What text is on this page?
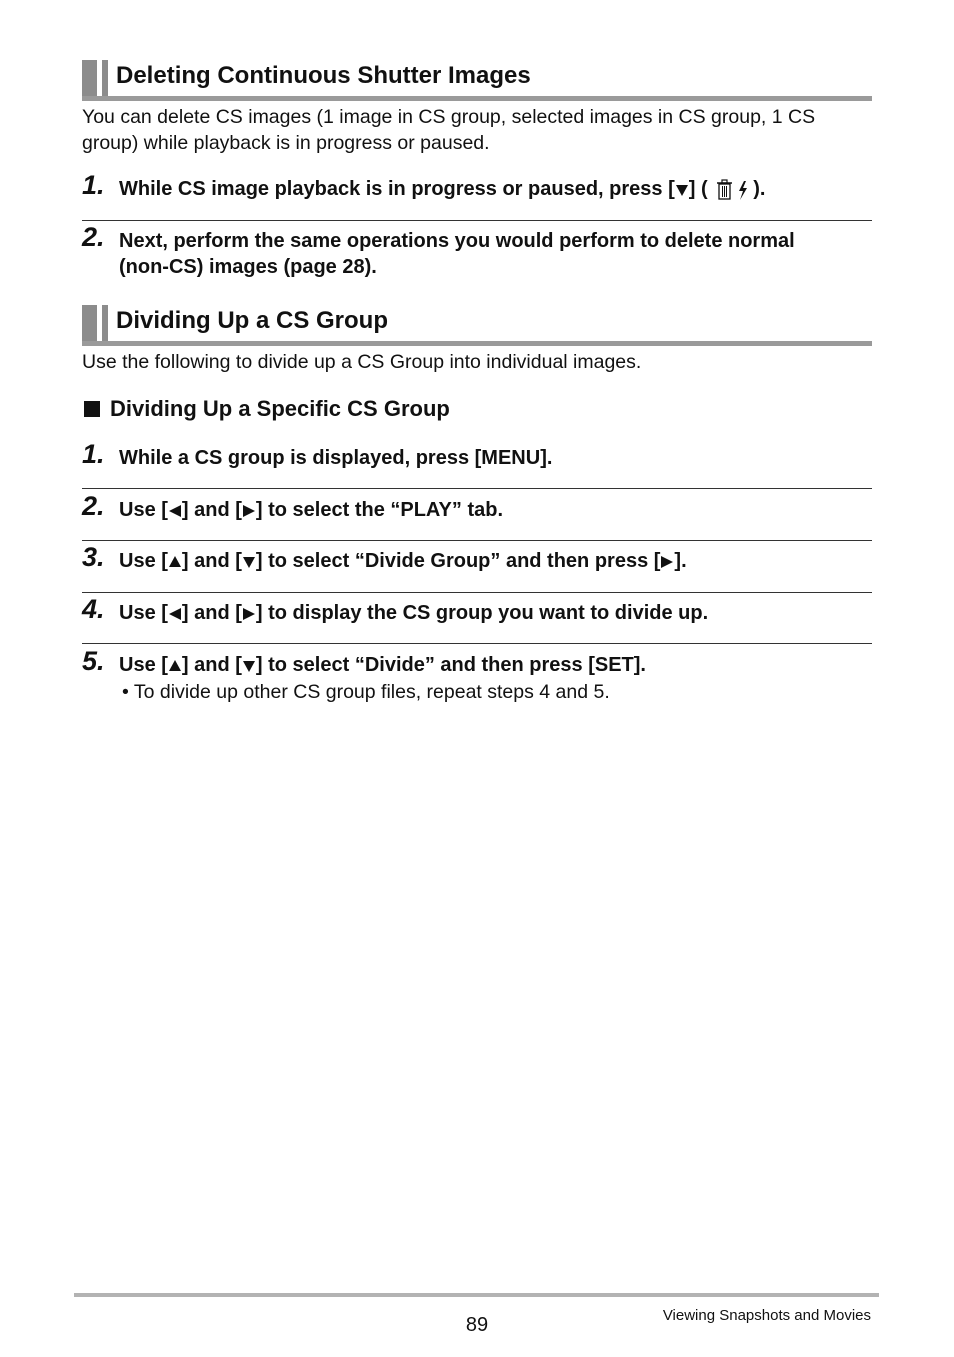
Deleting Continuous Shutter Images
You can delete CS images (1 image in CS group, selected images in CS group, 1 CS
group) while playback is in progress or paused.
1. While CS image playback is in progress or paused, press [ ] ( ).
2. Next, perform the same operations you would perform to delete normal
(non-CS) images (page 28).
Dividing Up a CS Group
Use the following to divide up a CS Group into individual images.
Dividing Up a Specific CS Group
1. While a CS group is displayed, press [MENU].
2. Use [ ] and [ ] to select the “PLAY” tab.
3. Use [ ] and [ ] to select “Divide Group” and then press [ ].
4. Use [ ] and [ ] to display the CS group you want to divide up.
5. Use [ ] and [ ] to select “Divide” and then press [SET].
• To divide up other CS group files, repeat steps 4 and 5.
89	Viewing Snapshots and Movies
